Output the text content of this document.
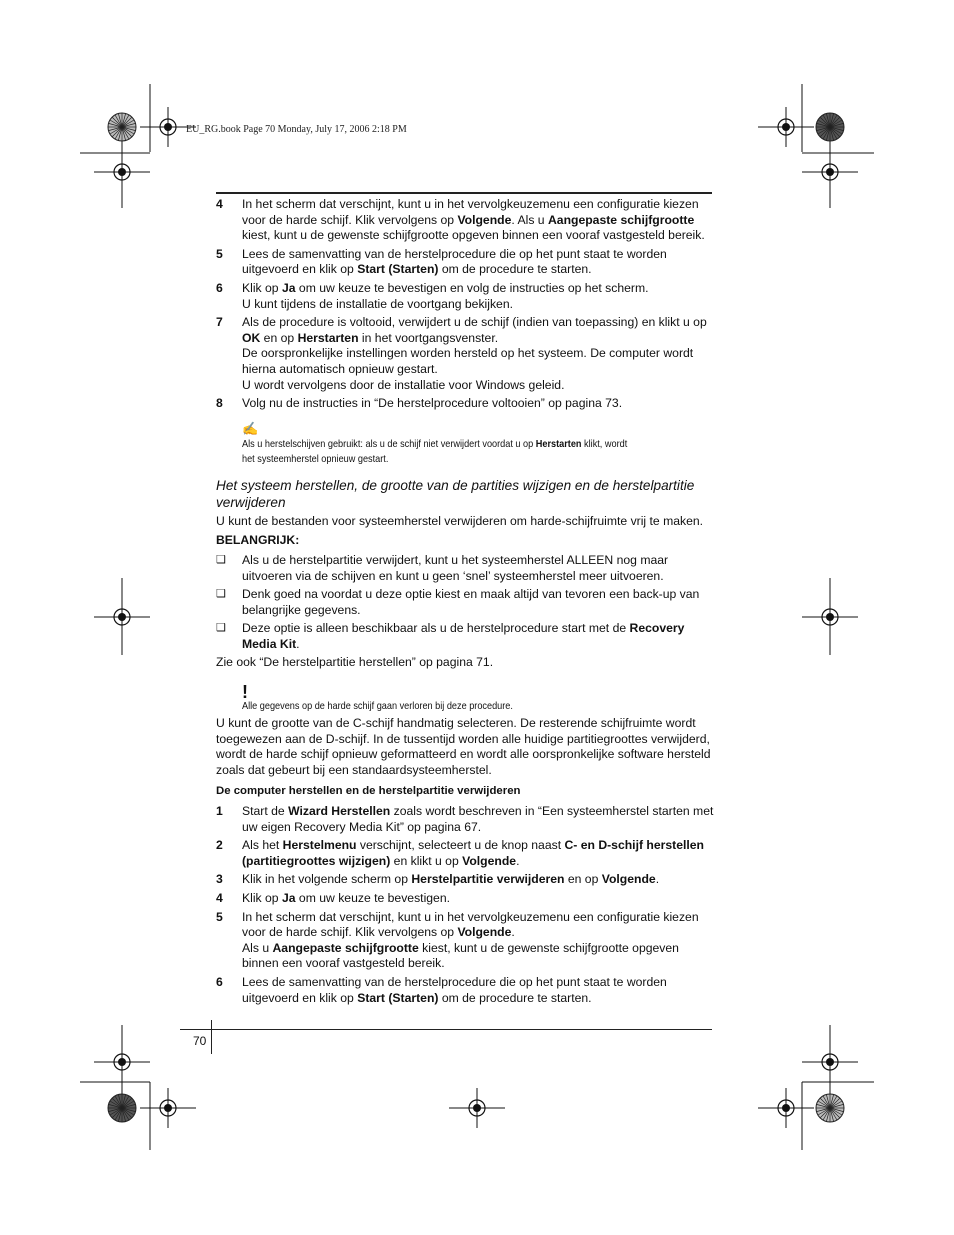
EU_RG.book Page 70 Monday, July 17, 2006 2:18 PM
4	In het scherm dat verschijnt, kunt u in het vervolgkeuzemenu een configuratie kiezen voor de harde schijf. Klik vervolgens op Volgende. Als u Aangepaste schijfgrootte kiest, kunt u de gewenste schijfgrootte opgeven binnen een vooraf vastgesteld bereik.
5	Lees de samenvatting van de herstelprocedure die op het punt staat te worden uitgevoerd en klik op Start (Starten) om de procedure te starten.
6	Klik op Ja om uw keuze te bevestigen en volg de instructies op het scherm.
U kunt tijdens de installatie de voortgang bekijken.
7	Als de procedure is voltooid, verwijdert u de schijf (indien van toepassing) en klikt u op OK en op Herstarten in het voortgangsvenster.
De oorspronkelijke instellingen worden hersteld op het systeem. De computer wordt hierna automatisch opnieuw gestart.
U wordt vervolgens door de installatie voor Windows geleid.
8	Volg nu de instructies in “De herstelprocedure voltooien” op pagina 73.
✍
Als u herstelschijven gebruikt: als u de schijf niet verwijdert voordat u op Herstarten klikt, wordt
het systeemherstel opnieuw gestart.
Het systeem herstellen, de grootte van de partities wijzigen en de herstelpartitie verwijderen

U kunt de bestanden voor systeemherstel verwijderen om harde-schijfruimte vrij te maken.

BELANGRIJK:

❑	Als u de herstelpartitie verwijdert, kunt u het systeemherstel ALLEEN nog maar uitvoeren via de schijven en kunt u geen ‘snel’ systeemherstel meer uitvoeren.
❑	Denk goed na voordat u deze optie kiest en maak altijd van tevoren een back-up van belangrijke gegevens.
❑	Deze optie is alleen beschikbaar als u de herstelprocedure start met de Recovery Media Kit.

Zie ook “De herstelpartitie herstellen” op pagina 71.

!
Alle gegevens op de harde schijf gaan verloren bij deze procedure.

U kunt de grootte van de C-schijf handmatig selecteren. De resterende schijfruimte wordt toegewezen aan de D-schijf. In de tussentijd worden alle huidige partitiegroottes verwijderd, wordt de harde schijf opnieuw geformatteerd en wordt alle oorspronkelijke software hersteld zoals dat gebeurt bij een standaardsysteemherstel.

De computer herstellen en de herstelpartitie verwijderen
1	Start de Wizard Herstellen zoals wordt beschreven in “Een systeemherstel starten met uw eigen Recovery Media Kit” op pagina 67.
2	Als het Herstelmenu verschijnt, selecteert u de knop naast C- en D-schijf herstellen (partitiegroottes wijzigen) en klikt u op Volgende.
3	Klik in het volgende scherm op Herstelpartitie verwijderen en op Volgende.
4	Klik op Ja om uw keuze te bevestigen.
5	In het scherm dat verschijnt, kunt u in het vervolgkeuzemenu een configuratie kiezen voor de harde schijf. Klik vervolgens op Volgende.
Als u Aangepaste schijfgrootte kiest, kunt u de gewenste schijfgrootte opgeven binnen een vooraf vastgesteld bereik.
6	Lees de samenvatting van de herstelprocedure die op het punt staat te worden uitgevoerd en klik op Start (Starten) om de procedure te starten.
70
